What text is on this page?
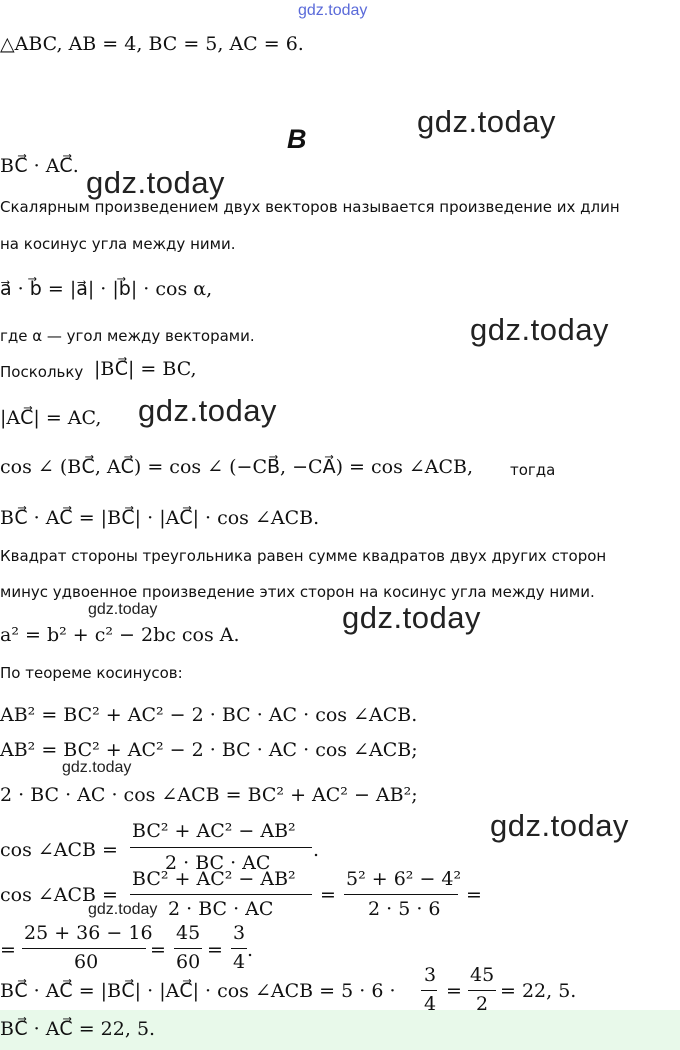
gdz.today
gdz.today
gdz.today
gdz.today
gdz.today
gdz.today	gdz.today
gdz.today
gdz.today
gdz.today
△ABC, AB = 4, BC = 5, AC = 6.
B
BC⃗ · AC⃗.
Скалярным произведением двух векторов называется произведение их длин
на косинус угла между ними.
a⃗ · b⃗ = |a⃗| · |b⃗| · cos α,
где α — угол между векторами.
Поскольку |BC⃗| = BC,
|AC⃗| = AC,
cos ∠ (BC⃗, AC⃗) = cos ∠ (−CB⃗, −CA⃗) = cos ∠ACB, тогда
BC⃗ · AC⃗ = |BC⃗| · |AC⃗| · cos ∠ACB.
Квадрат стороны треугольника равен сумме квадратов двух других сторон
минус удвоенное произведение этих сторон на косинус угла между ними.
a² = b² + c² − 2bc cos A.
По теореме косинусов:
AB² = BC² + AC² − 2 · BC · AC · cos ∠ACB.
AB² = BC² + AC² − 2 · BC · AC · cos ∠ACB;
2 · BC · AC · cos ∠ACB = BC² + AC² − AB²;
cos ∠ACB =
BC² + AC² − AB²
2 · BC · AC
.
cos ∠ACB =
BC² + AC² − AB²
2 · BC · AC
=
5² + 6² − 4²
2 · 5 · 6
=
=
25 + 36 − 16
60
=
45
60
=
3
4
.
BC⃗ · AC⃗ = |BC⃗| · |AC⃗| · cos ∠ACB = 5 · 6 ·
3
4
=
45
2
= 22, 5.
BC⃗ · AC⃗ = 22, 5.
